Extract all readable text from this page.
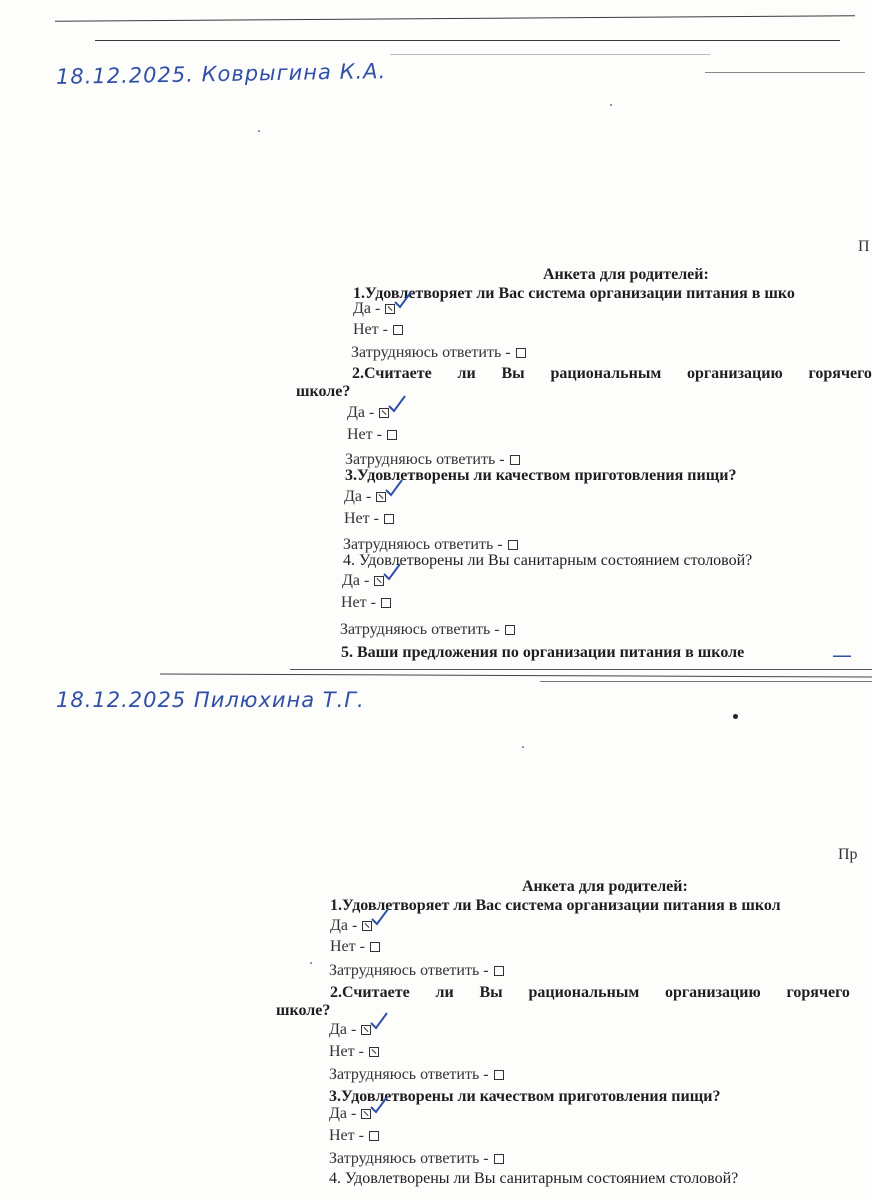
18.12.2025. Коврыгина К.А.
П
Анкета для родителей:
1.Удовлетворяет ли Вас система организации питания в шко
Да -
Нет -
Затрудняюсь ответить -
2.Считаете ли Вы рациональным организацию горячего
школе?
Да -
Нет -
Затрудняюсь ответить -
3.Удовлетворены ли качеством приготовления пищи?
Да -
Нет -
Затрудняюсь ответить -
4. Удовлетворены ли Вы санитарным состоянием столовой?
Да -
Нет -
Затрудняюсь ответить -
5. Ваши предложения по организации питания в школе	—
18.12.2025 Пилюхина Т.Г.
Пр
Анкета для родителей:
1.Удовлетворяет ли Вас система организации питания в школ
Да -
Нет -
Затрудняюсь ответить -
2.Считаете ли Вы рациональным организацию горячего
школе?
Да -
Нет -
Затрудняюсь ответить -
3.Удовлетворены ли качеством приготовления пищи?
Да -
Нет -
Затрудняюсь ответить -
4. Удовлетворены ли Вы санитарным состоянием столовой?
